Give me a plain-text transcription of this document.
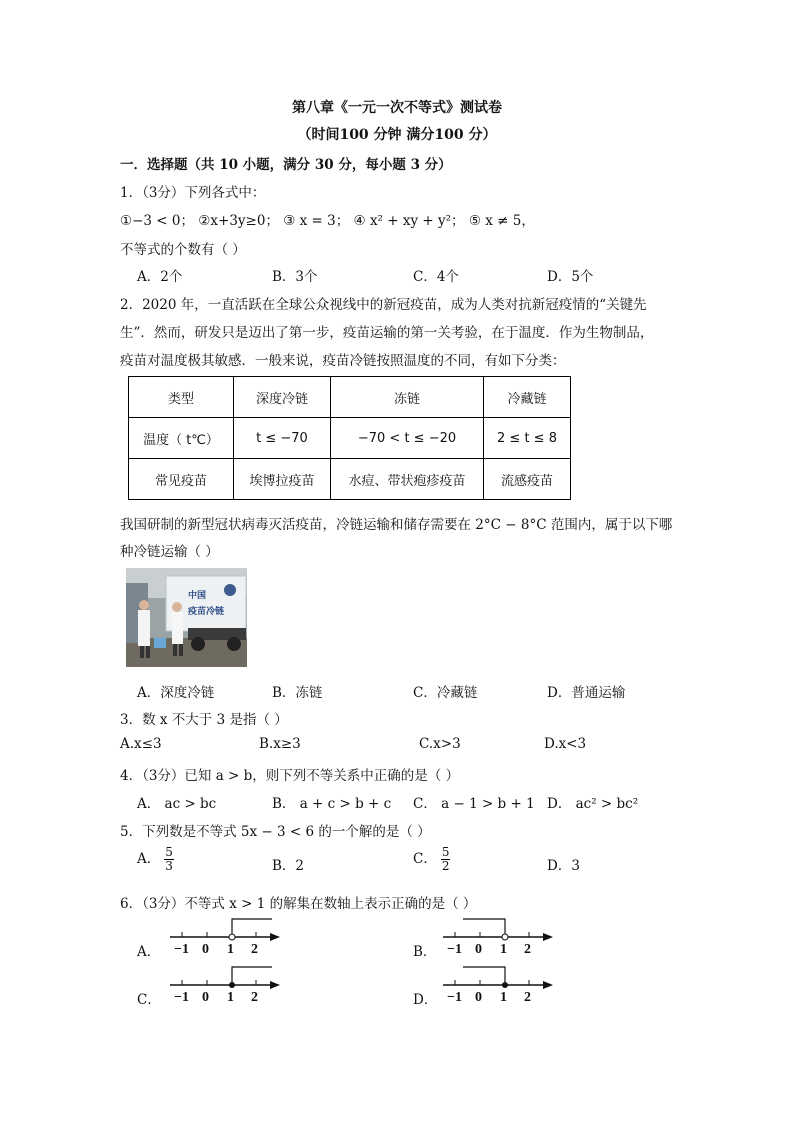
第八章《一元一次不等式》测试卷
（时间100 分钟 满分100 分）
一．选择题（共 10 小题，满分 30 分，每小题 3 分）
1．（3分）下列各式中：
①−3 < 0； ②x+3y≥0； ③ x = 3； ④ x² + xy + y²； ⑤ x ≠ 5，
不等式的个数有（ ）
A．2个	B．3个	C．4个	D．5个
2．2020 年，一直活跃在全球公众视线中的新冠疫苗，成为人类对抗新冠疫情的“关键先
生”．然而，研发只是迈出了第一步，疫苗运输的第一关考验，在于温度．作为生物制品，
疫苗对温度极其敏感．一般来说，疫苗冷链按照温度的不同，有如下分类：
类型	深度冷链	冻链	冷藏链
温度（ t℃）	t ≤ −70	−70 < t ≤ −20	2 ≤ t ≤ 8
常见疫苗	埃博拉疫苗	水痘、带状疱疹疫苗	流感疫苗
我国研制的新型冠状病毒灭活疫苗，冷链运输和储存需要在 2°C − 8°C 范围内，属于以下哪
种冷链运输（ ）
中国
疫苗冷链
A．深度冷链	B．冻链	C．冷藏链	D．普通运输
3．数 x 不大于 3 是指（ ）
A.x≤3	B.x≥3	C.x>3	D.x<3
4．（3分）已知 a > b，则下列不等关系中正确的是（ ）
A． ac > bc	B． a + c > b + c C． a − 1 > b + 1 D． ac² > bc²
5．下列数是不等式 5x − 3 < 6 的一个解的是（ ）
A． $\frac{5}{3}$	B．2	C． $\frac{5}{2}$	D．3
6．（3分）不等式 x > 1 的解集在数轴上表示正确的是（ ）
A．	B．
C．	D．
−1 0 1 2	−1 0 1 2
−1 0 1 2	−1 0 1 2
